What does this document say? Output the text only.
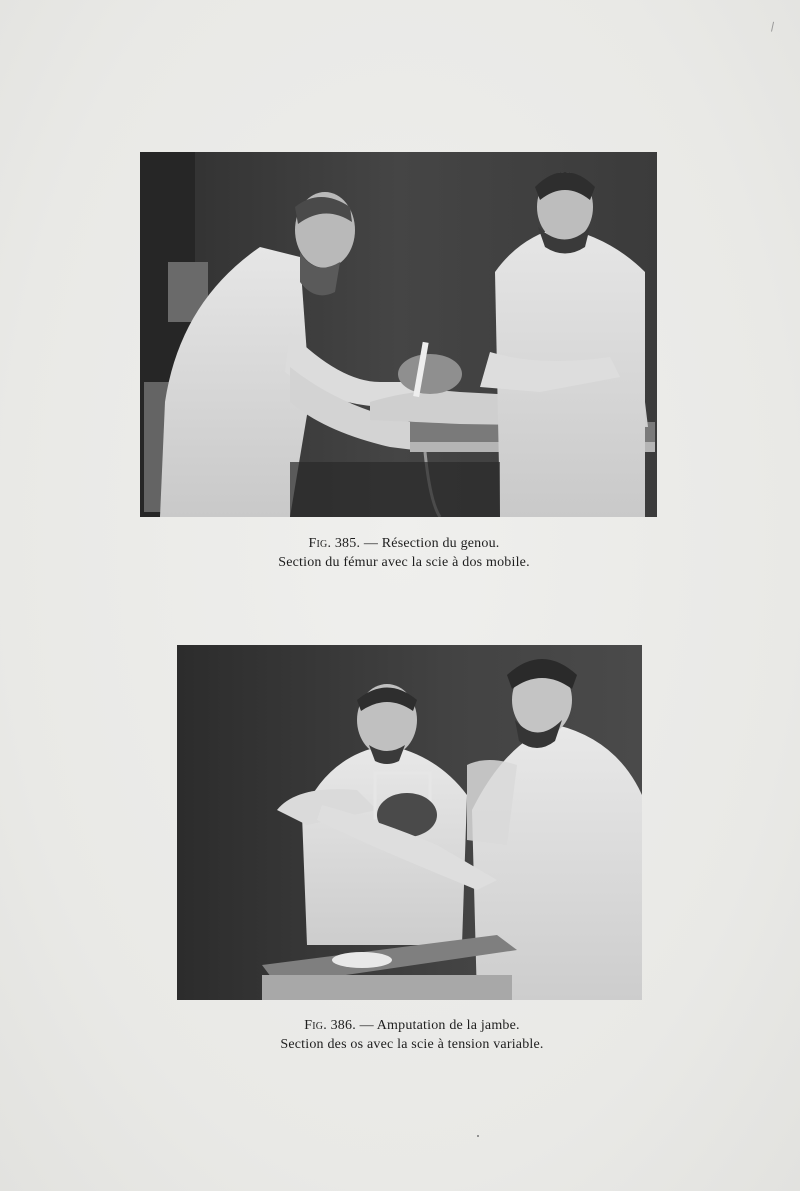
Fig. 385. — Résection du genou.
Section du fémur avec la scie à dos mobile.
Fig. 386. — Amputation de la jambe.
Section des os avec la scie à tension variable.
